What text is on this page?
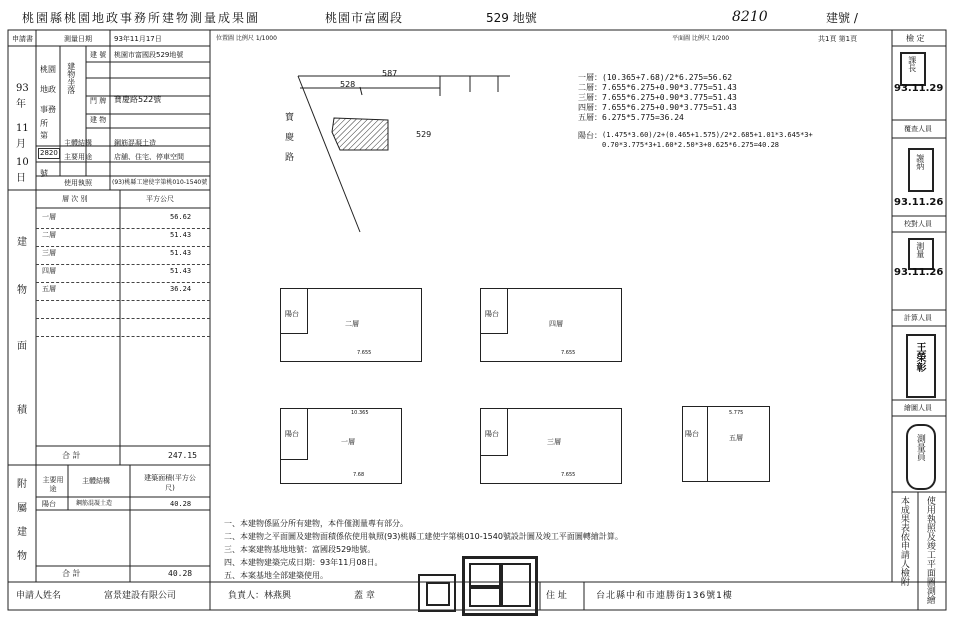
桃園縣桃園地政事務所建物測量成果圖	桃園市富國段	529 地號	8210	建號 /
檢 定
共1頁 第1頁
申請書	測量日期	93年11月17日
93
年
11
月
10
日
桃園
地政
事務
所
第
2820
號
建物坐落
建 號 桃園市富國段529地號
門 牌 寶慶路522號
建 物
主體結構	鋼筋混凝土造
主要用途	店舖、住宅、停車空間
使用執照	(93)桃縣工建使字第桃010-1540號
建
物
面
積
層 次 別	平方公尺
一層	56.62
二層	51.43
三層	51.43
四層	51.43
五層	36.24
合 計	247.15
附
屬
建
物
主要用途
主體結構	建築面積(平方公尺)
陽台	鋼筋混凝土造	40.28
合 計	40.28
位置圖 比例尺 1/1000	平面圖 比例尺 1/200
587
528
529
寶
慶
路
一層：(10.365+7.68)/2*6.275=56.62
二層：7.655*6.275+0.90*3.775=51.43
三層：7.655*6.275+0.90*3.775=51.43
四層：7.655*6.275+0.90*3.775=51.43
五層：6.275*5.775=36.24
陽台： (1.475*3.60)/2+(0.465+1.575)/2*2.685+1.01*3.645*3+
0.70*3.775*3+1.60*2.50*3+0.625*6.275=40.28
陽台
二層
7.655
陽台
四層
7.655
10.365
陽台
一層
7.68
陽台
三層
7.655
陽台	五層
5.775
一、本建物係區分所有建物，本件僅測量專有部分。
二、本建物之平面圖及建物面積係依使用執照(93)桃縣工建使字第桃010-1540號設計圖及竣工平面圖轉繪計算。
三、本案建物基地地號：富國段529地號。
四、本建物建築完成日期：93年11月08日。
五、本案基地全部建築使用。
申請人姓名	富景建設有限公司	負責人：林燕興	蓋 章	住 址	台北縣中和市連勝街136號1樓
課長
93.11.29
覆查人員
謝炳
93.11.26
校對人員
測量
93.11.26
計算人員
王榮彰
繪圖人員
測量員
本成果表依申請人檢附
使用執照及竣工平面圖測繪
